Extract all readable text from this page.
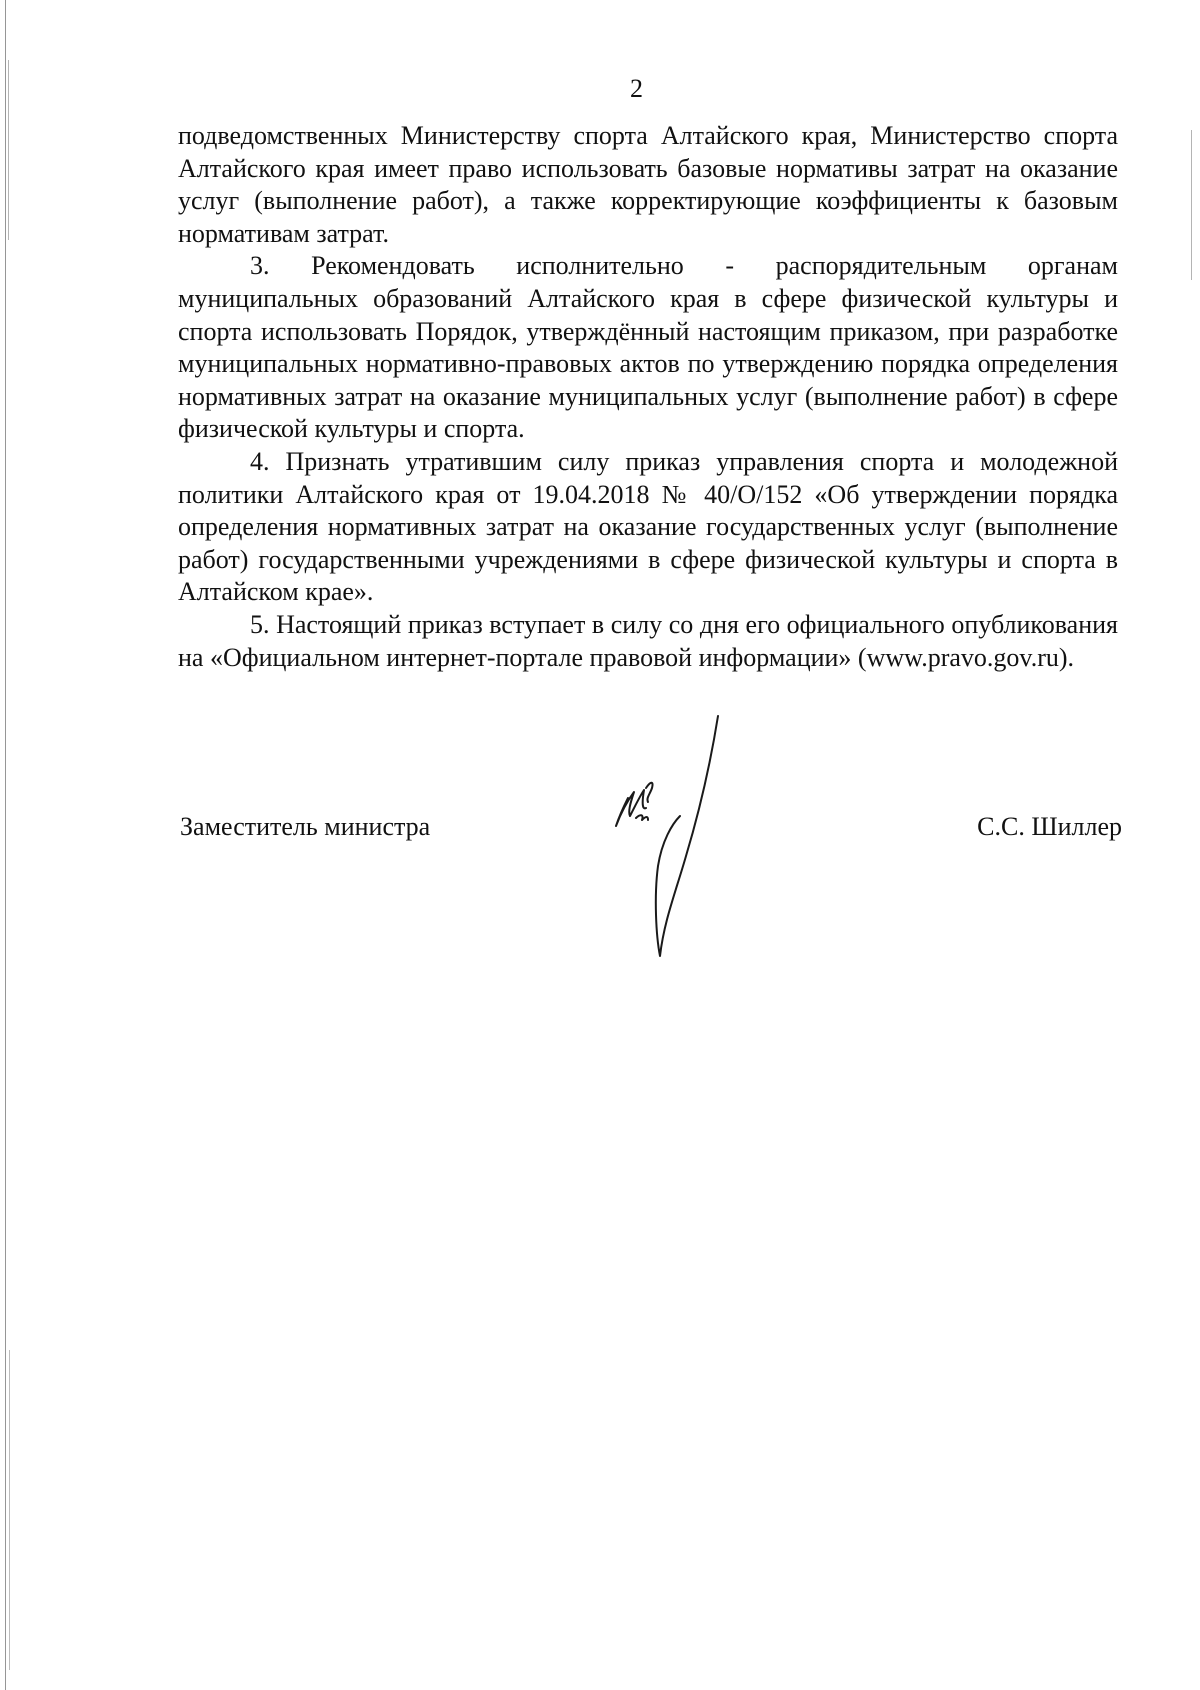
2

подведомственных Министерству спорта Алтайского края, Министерство спорта Алтайского края имеет право использовать базовые нормативы затрат на оказание услуг (выполнение работ), а также корректирующие коэффициенты к базовым нормативам затрат.

3. Рекомендовать исполнительно - распорядительным органам муниципальных образований Алтайского края в сфере физической культуры и спорта использовать Порядок, утверждённый настоящим приказом, при разработке муниципальных нормативно-правовых актов по утверждению порядка определения нормативных затрат на оказание муниципальных услуг (выполнение работ) в сфере физической культуры и спорта.

4. Признать утратившим силу приказ управления спорта и молодежной политики Алтайского края от 19.04.2018 № 40/О/152 «Об утверждении порядка определения нормативных затрат на оказание государственных услуг (выполнение работ) государственными учреждениями в сфере физической культуры и спорта в Алтайском крае».

5. Настоящий приказ вступает в силу со дня его официального опубликования на «Официальном интернет-портале правовой информации» (www.pravo.gov.ru).

Заместитель министра	С.С. Шиллер
